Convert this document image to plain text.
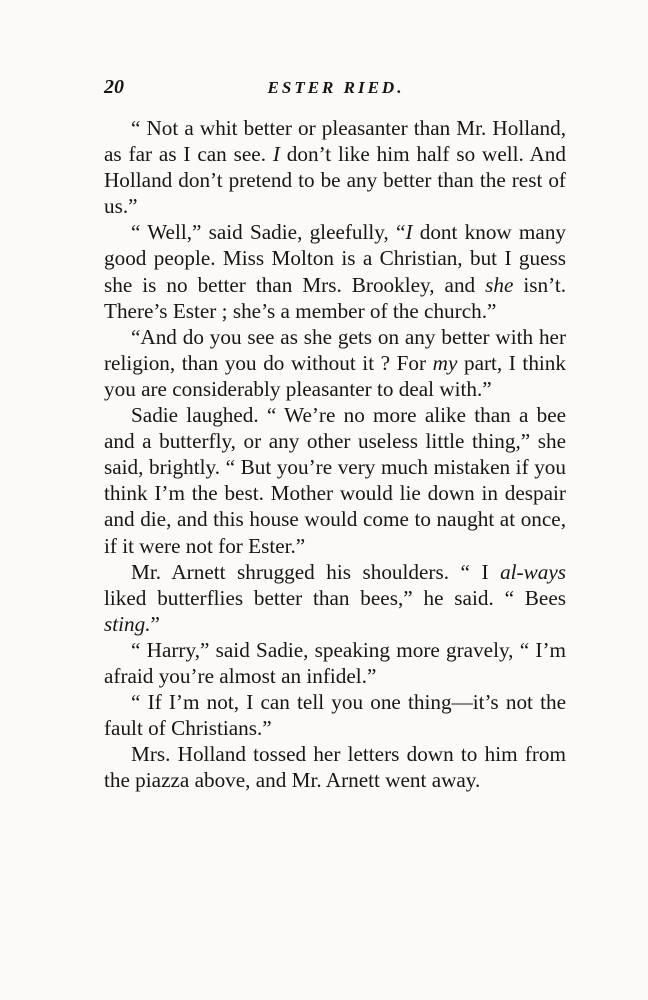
20	ESTER RIED.

“ Not a whit better or pleasanter than Mr. Holland, as far as I can see. I don’t like him half so well. And Holland don’t pretend to be any better than the rest of us.”

“ Well,” said Sadie, gleefully, “I dont know many good people. Miss Molton is a Christian, but I guess she is no better than Mrs. Brookley, and she isn’t. There’s Ester ; she’s a member of the church.”

“And do you see as she gets on any better with her religion, than you do without it ? For my part, I think you are considerably pleasanter to deal with.”

Sadie laughed. “ We’re no more alike than a bee and a butterfly, or any other useless little thing,” she said, brightly. “ But you’re very much mistaken if you think I’m the best. Mother would lie down in despair and die, and this house would come to naught at once, if it were not for Ester.”

Mr. Arnett shrugged his shoulders. “ I al-ways liked butterflies better than bees,” he said. “ Bees sting.”

“ Harry,” said Sadie, speaking more gravely, “ I’m afraid you’re almost an infidel.”

“ If I’m not, I can tell you one thing—it’s not the fault of Christians.”

Mrs. Holland tossed her letters down to him from the piazza above, and Mr. Arnett went away.
